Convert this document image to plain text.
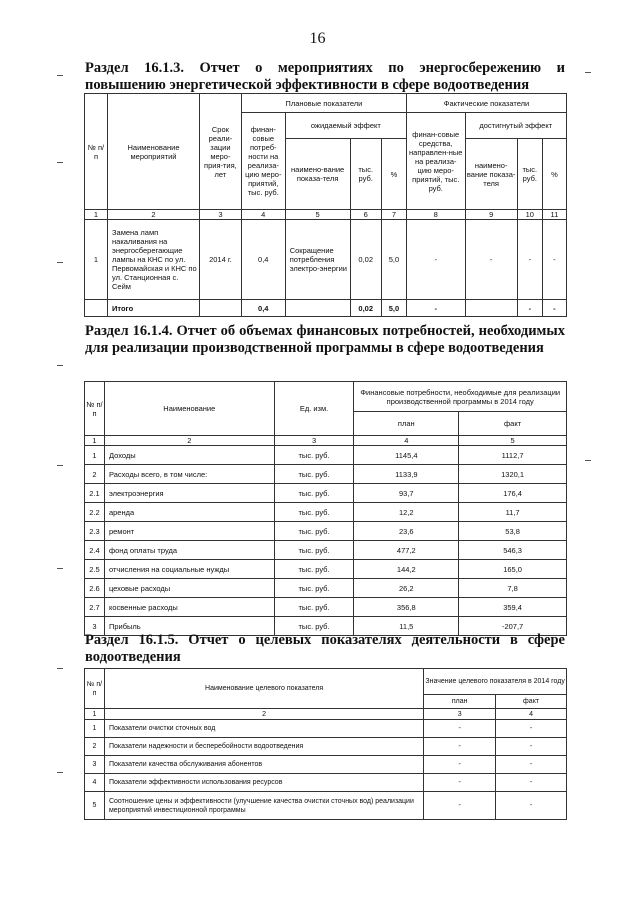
16
Раздел 16.1.3. Отчет о мероприятиях по энергосбережению и повышению энергетической эффективности в сфере водоотведения
№ п/п	Наименование мероприятий	Срок реали-зации меро-прия-тия, лет	Плановые показатели				Фактические показатели			
			финан-совые потреб-ности на реализа-цию меро-приятий, тыс. руб.	ожидаемый эффект			финан-совые средства, направлен-ные на реализа-цию меро-приятий, тыс. руб.	достигнутый эффект		
				наимено-вание показа-теля	тыс. руб.	%		наимено-вание показа-теля	тыс. руб.	%
1	2	3	4	5	6	7	8	9	10	11
1	Замена ламп накаливания на энергосберегающие лампы на КНС по ул. Первомайская и КНС по ул. Станционная с. Сейм	2014 г.	0,4	Сокращение потребления электро-энергии	0,02	5,0	-	-	-	-
	Итого		0,4		0,02	5,0	-		-	-
Раздел 16.1.4. Отчет об объемах финансовых потребностей, необходимых для реализации производственной программы в сфере водоотведения
№ п/п	Наименование	Ед. изм.	Финансовые потребности, необходимые для реализации производственной программы в 2014 году	
			план	факт
1	2	3	4	5
1	Доходы	тыс. руб.	1145,4	1112,7
2	Расходы всего, в том числе:	тыс. руб.	1133,9	1320,1
2.1	электроэнергия	тыс. руб.	93,7	176,4
2.2	аренда	тыс. руб.	12,2	11,7
2.3	ремонт	тыс. руб.	23,6	53,8
2.4	фонд оплаты труда	тыс. руб.	477,2	546,3
2.5	отчисления на социальные нужды	тыс. руб.	144,2	165,0
2.6	цеховые расходы	тыс. руб.	26,2	7,8
2.7	косвенные расходы	тыс. руб.	356,8	359,4
3	Прибыль	тыс. руб.	11,5	-207,7
Раздел 16.1.5. Отчет о целевых показателях деятельности в сфере водоотведения
№ п/п	Наименование целевого показателя	Значение целевого показателя в 2014 году	
		план	факт
1	2	3	4
1	Показатели очистки сточных вод	-	-
2	Показатели надежности и бесперебойности водоотведения	-	-
3	Показатели качества обслуживания абонентов	-	-
4	Показатели эффективности использования ресурсов	-	-
5	Соотношение цены и эффективности (улучшение качества очистки сточных вод) реализации мероприятий инвестиционной программы	-	-
